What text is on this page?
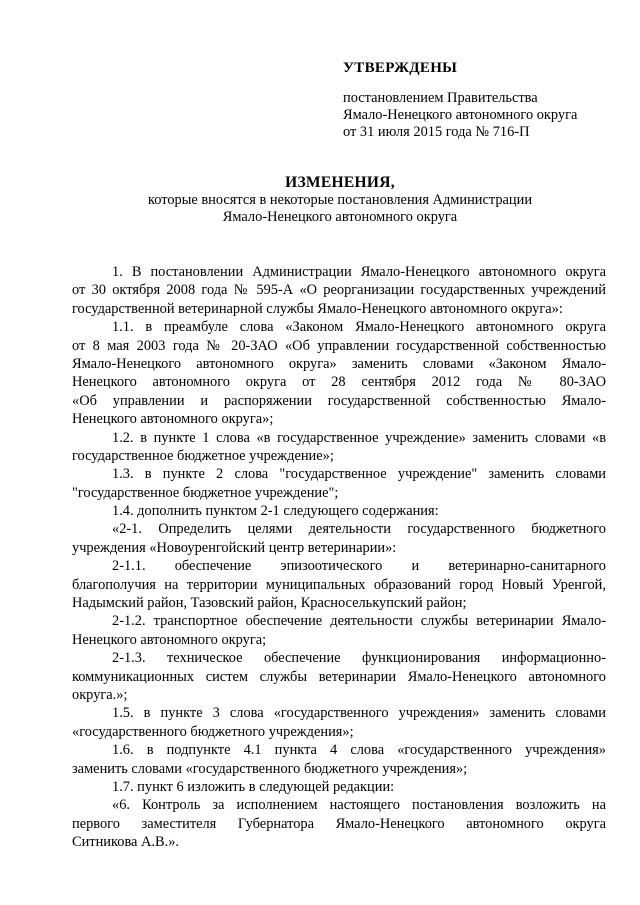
УТВЕРЖДЕНЫ
постановлением Правительства
Ямало-Ненецкого автономного округа
от 31 июля 2015 года № 716-П
ИЗМЕНЕНИЯ,
которые вносятся в некоторые постановления Администрации
Ямало-Ненецкого автономного округа
1. В постановлении Администрации Ямало-Ненецкого автономного округа
от 30 октября 2008 года № 595-А «О реорганизации государственных учреждений
государственной ветеринарной службы Ямало-Ненецкого автономного округа»:
1.1. в преамбуле слова «Законом Ямало-Ненецкого автономного округа
от 8 мая 2003 года № 20-ЗАО «Об управлении государственной собственностью
Ямало-Ненецкого автономного округа» заменить словами «Законом Ямало-
Ненецкого автономного округа от 28 сентября 2012 года № 80-ЗАО
«Об управлении и распоряжении государственной собственностью Ямало-
Ненецкого автономного округа»;
1.2. в пункте 1 слова «в государственное учреждение» заменить словами «в
государственное бюджетное учреждение»;
1.3. в пункте 2 слова "государственное учреждение" заменить словами
"государственное бюджетное учреждение";
1.4. дополнить пунктом 2-1 следующего содержания:
«2-1. Определить целями деятельности государственного бюджетного
учреждения «Новоуренгойский центр ветеринарии»:
2-1.1. обеспечение эпизоотического и ветеринарно-санитарного
благополучия на территории муниципальных образований город Новый Уренгой,
Надымский район, Тазовский район, Красноселькупский район;
2-1.2. транспортное обеспечение деятельности службы ветеринарии Ямало-
Ненецкого автономного округа;
2-1.3. техническое обеспечение функционирования информационно-
коммуникационных систем службы ветеринарии Ямало-Ненецкого автономного
округа.»;
1.5. в пункте 3 слова «государственного учреждения» заменить словами
«государственного бюджетного учреждения»;
1.6. в подпункте 4.1 пункта 4 слова «государственного учреждения»
заменить словами «государственного бюджетного учреждения»;
1.7. пункт 6 изложить в следующей редакции:
«6. Контроль за исполнением настоящего постановления возложить на
первого заместителя Губернатора Ямало-Ненецкого автономного округа
Ситникова А.В.».
